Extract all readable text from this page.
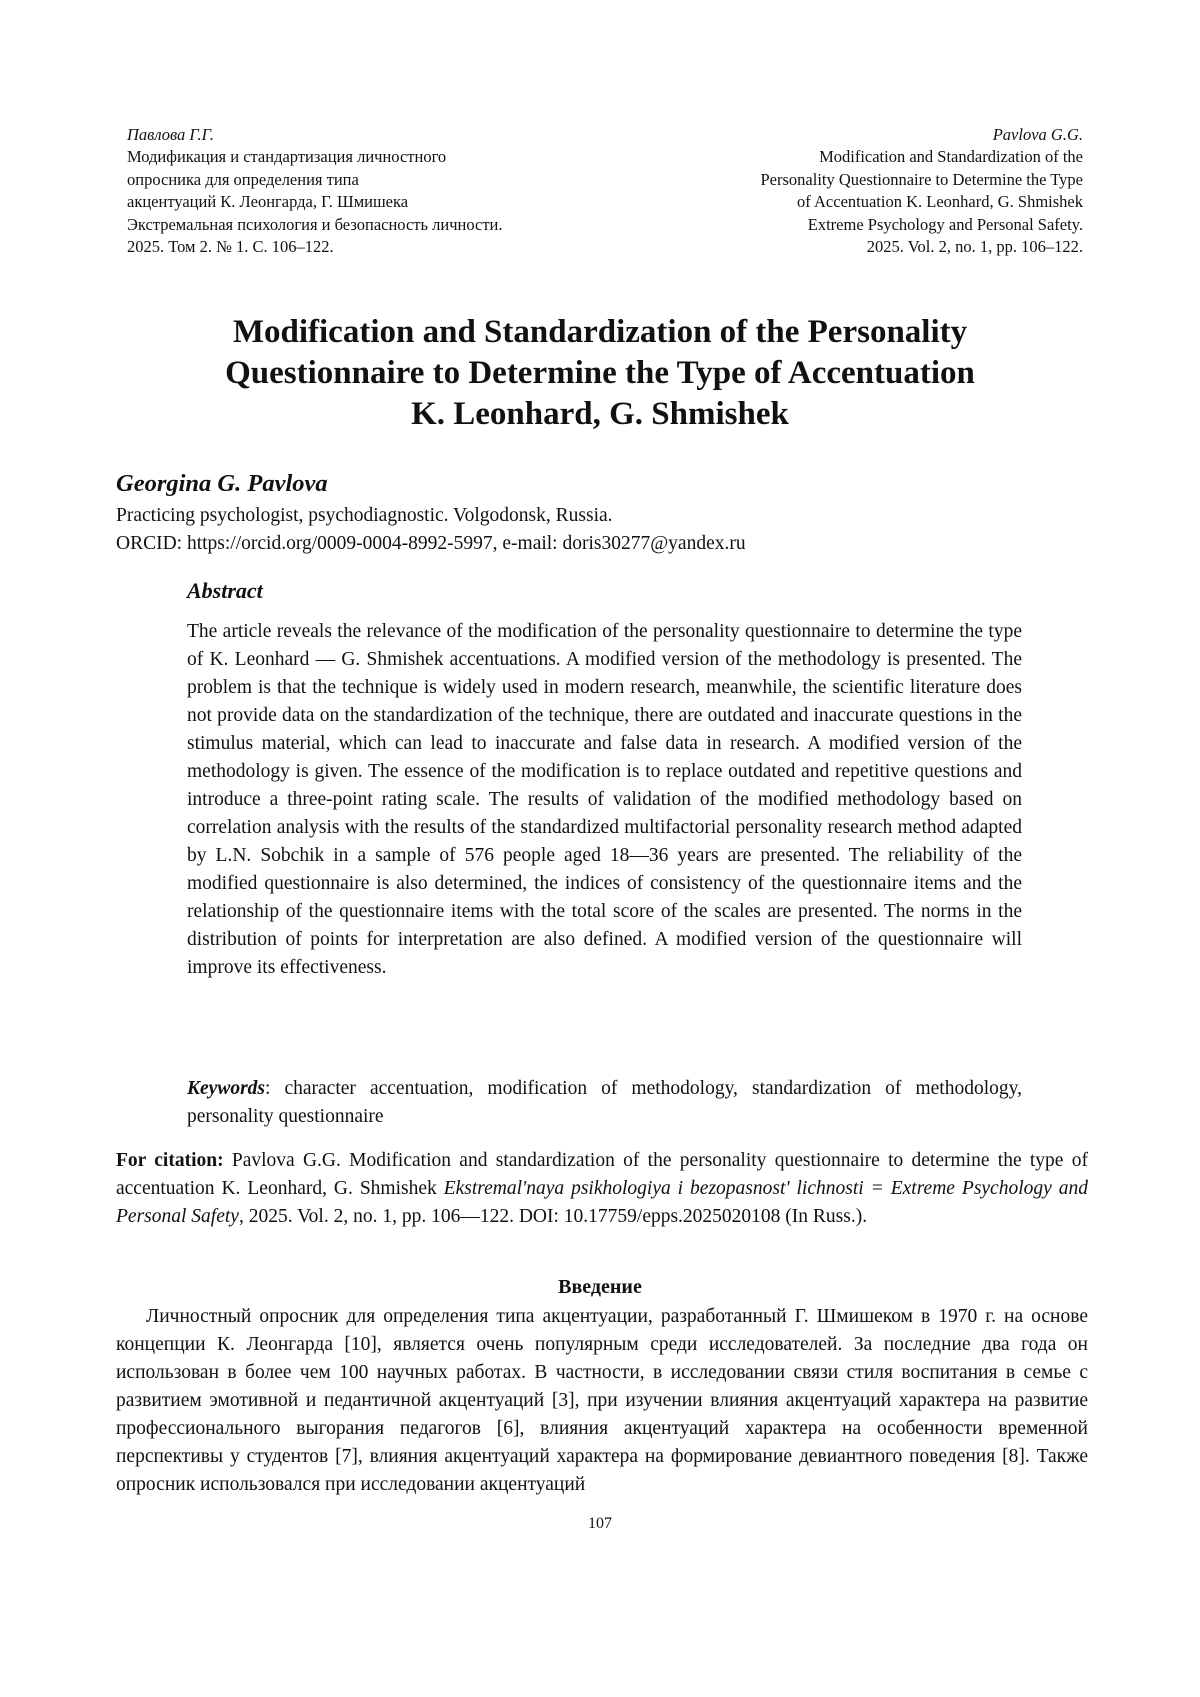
Павлова Г.Г.
Модификация и стандартизация личностного
опросника для определения типа
акцентуаций К. Леонгарда, Г. Шмишека
Экстремальная психология и безопасность личности.
2025. Том 2. № 1. С. 106–122.
Pavlova G.G.
Modification and Standardization of the
Personality Questionnaire to Determine the Type
of Accentuation K. Leonhard, G. Shmishek
Extreme Psychology and Personal Safety.
2025. Vol. 2, no. 1, pp. 106–122.
Modification and Standardization of the Personality
Questionnaire to Determine the Type of Accentuation
K. Leonhard, G. Shmishek
Georgina G. Pavlova
Practicing psychologist, psychodiagnostic. Volgodonsk, Russia.
ORCID: https://orcid.org/0009-0004-8992-5997, e-mail: doris30277@yandex.ru
Abstract

The article reveals the relevance of the modification of the personality questionnaire to determine the type of K. Leonhard — G. Shmishek accentuations. A modified version of the methodology is presented. The problem is that the technique is widely used in modern research, meanwhile, the scientific literature does not provide data on the standardization of the technique, there are outdated and inaccurate questions in the stimulus material, which can lead to inaccurate and false data in research. A modified version of the methodology is given. The essence of the modification is to replace outdated and repetitive questions and introduce a three-point rating scale. The results of validation of the modified methodology based on correlation analysis with the results of the standardized multifactorial personality research method adapted by L.N. Sobchik in a sample of 576 people aged 18—36 years are presented. The reliability of the modified questionnaire is also determined, the indices of consistency of the questionnaire items and the relationship of the questionnaire items with the total score of the scales are presented. The norms in the distribution of points for interpretation are also defined. A modified version of the questionnaire will improve its effectiveness.

Keywords: character accentuation, modification of methodology, standardization of methodology, personality questionnaire

For citation: Pavlova G.G. Modification and standardization of the personality questionnaire to determine the type of accentuation K. Leonhard, G. Shmishek Ekstremal'naya psikhologiya i bezopasnost' lichnosti = Extreme Psychology and Personal Safety, 2025. Vol. 2, no. 1, pp. 106—122. DOI: 10.17759/epps.2025020108 (In Russ.).

Введение

Личностный опросник для определения типа акцентуации, разработанный Г. Шмишеком в 1970 г. на основе концепции К. Леонгарда [10], является очень популярным среди исследователей. За последние два года он использован в более чем 100 научных работах. В частности, в исследовании связи стиля воспитания в семье с развитием эмотивной и педантичной акцентуаций [3], при изучении влияния акцентуаций характера на развитие профессионального выгорания педагогов [6], влияния акцентуаций характера на особенности временной перспективы у студентов [7], влияния акцентуаций характера на формирование девиантного поведения [8]. Также опросник использовался при исследовании акцентуаций

107
